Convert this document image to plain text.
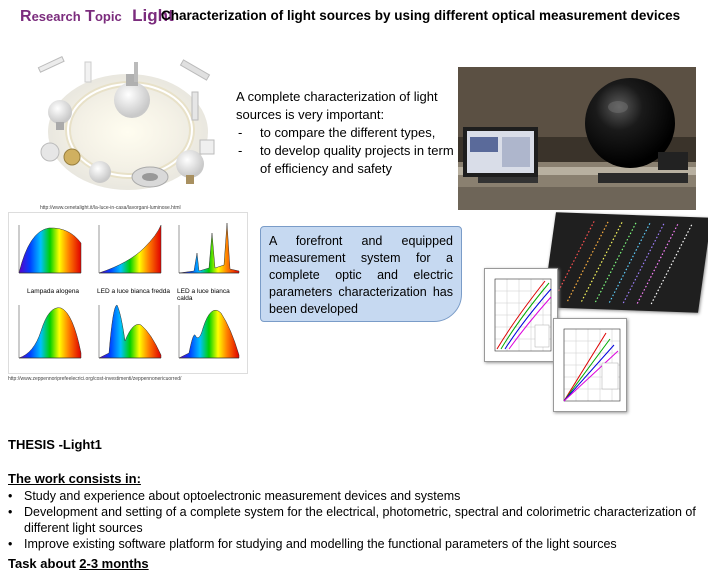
Research Topic Light
Characterization of light sources by using different optical measurement devices
http://www.cenetalight.it/la-luce-in-casa/lavorgani-luminose.html
A complete characterization of light sources is very important:
- to compare the different types,
- to develop quality projects in term of efficiency and safety
Lampada alogena	LED a luce bianca fredda LED a luce bianca calda
http://www.zeppennoriprefeelecrici.org/cost-investimenti/zeppennonericuorred/
A forefront and equipped measurement system for a complete optic and electric parameters characterization has been developed
THESIS -Light1
The work consists in:
• Study and experience about optoelectronic measurement devices and systems
• Development and setting of a complete system for the electrical, photometric, spectral and colorimetric characterization of different light sources
• Improve existing software platform for studying and modelling the functional parameters of the light sources
Task about 2-3 months
